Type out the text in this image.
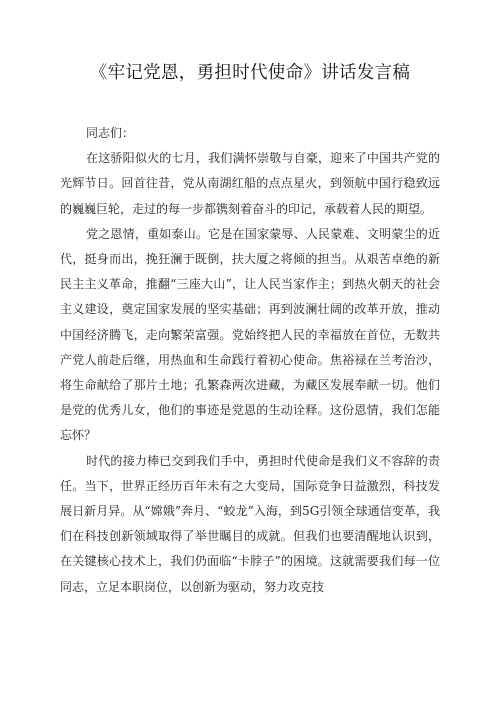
《牢记党恩，勇担时代使命》讲话发言稿

同志们：

在这骄阳似火的七月，我们满怀崇敬与自豪，迎来了中国共产党的光辉节日。回首往昔，党从南湖红船的点点星火，到领航中国行稳致远的巍巍巨轮，走过的每一步都镌刻着奋斗的印记，承载着人民的期望。

党之恩情，重如泰山。它是在国家蒙辱、人民蒙难、文明蒙尘的近代，挺身而出，挽狂澜于既倒，扶大厦之将倾的担当。从艰苦卓绝的新民主主义革命，推翻“三座大山”，让人民当家作主；到热火朝天的社会主义建设，奠定国家发展的坚实基础；再到波澜壮阔的改革开放，推动中国经济腾飞，走向繁荣富强。党始终把人民的幸福放在首位，无数共产党人前赴后继，用热血和生命践行着初心使命。焦裕禄在兰考治沙，将生命献给了那片土地；孔繁森两次进藏，为藏区发展奉献一切。他们是党的优秀儿女，他们的事迹是党恩的生动诠释。这份恩情，我们怎能忘怀？

时代的接力棒已交到我们手中，勇担时代使命是我们义不容辞的责任。当下，世界正经历百年未有之大变局，国际竞争日益激烈，科技发展日新月异。从“嫦娥”奔月、“蛟龙”入海，到5G引领全球通信变革，我们在科技创新领域取得了举世瞩目的成就。但我们也要清醒地认识到，在关键核心技术上，我们仍面临“卡脖子”的困境。这就需要我们每一位同志，立足本职岗位，以创新为驱动，努力攻克技
